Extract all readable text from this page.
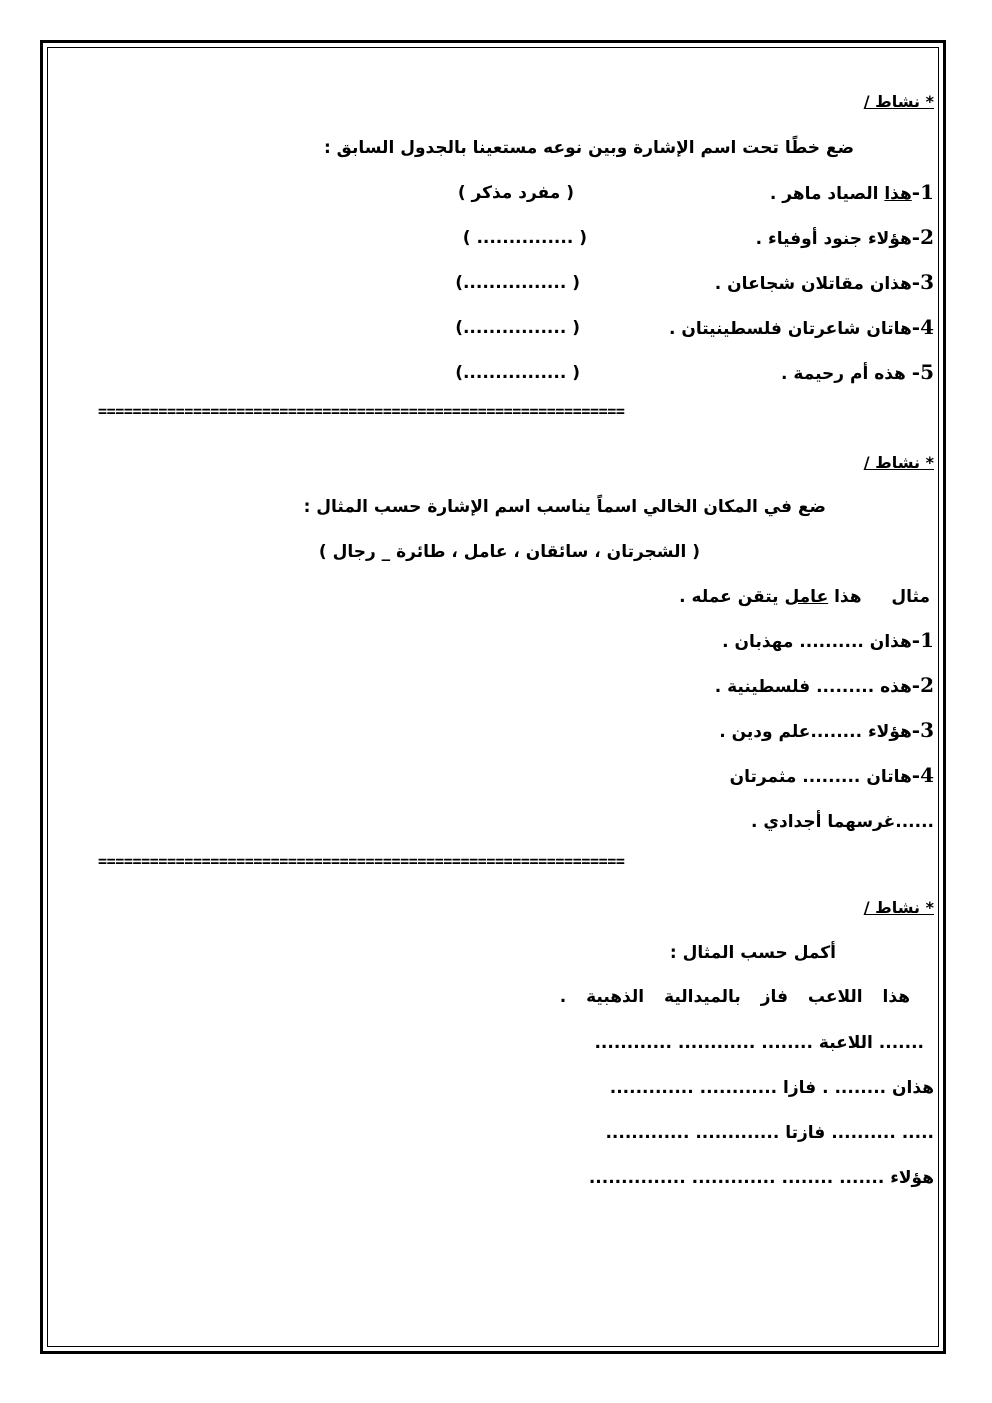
* نشاط /
ضع خطًا تحت اسم الإشارة وبين نوعه مستعينا بالجدول السابق :
1-هذا الصياد ماهر .
( مفرد مذكر )
2-هؤلاء جنود أوفياء .
( ............... )
3-هذان مقاتلان شجاعان .
( ................)
4-هاتان شاعرتان فلسطينيتان .
( ................)
5- هذه أم رحيمة .
( ................)
=============================================================
* نشاط /
ضع في المكان الخالي اسماً يناسب اسم الإشارة حسب المثال :
( الشجرتان ، سائقان ، عامل ، طائرة _ رجال )
مثال  هذا عامل يتقن عمله .
1-هذان .......... مهذبان .
2-هذه ......... فلسطينية .
3-هؤلاء ........علم ودين .
4-هاتان ......... مثمرتان
......غرسهما أجدادي .
=============================================================
* نشاط /
أكمل حسب المثال :
هذا اللاعب فاز بالميدالية الذهبية .
....... اللاعبة ........ ............ ............
هذان ........ . فازا ............ .............
..... .......... فازتا ............. .............
هؤلاء ....... ........ ............. ...............
